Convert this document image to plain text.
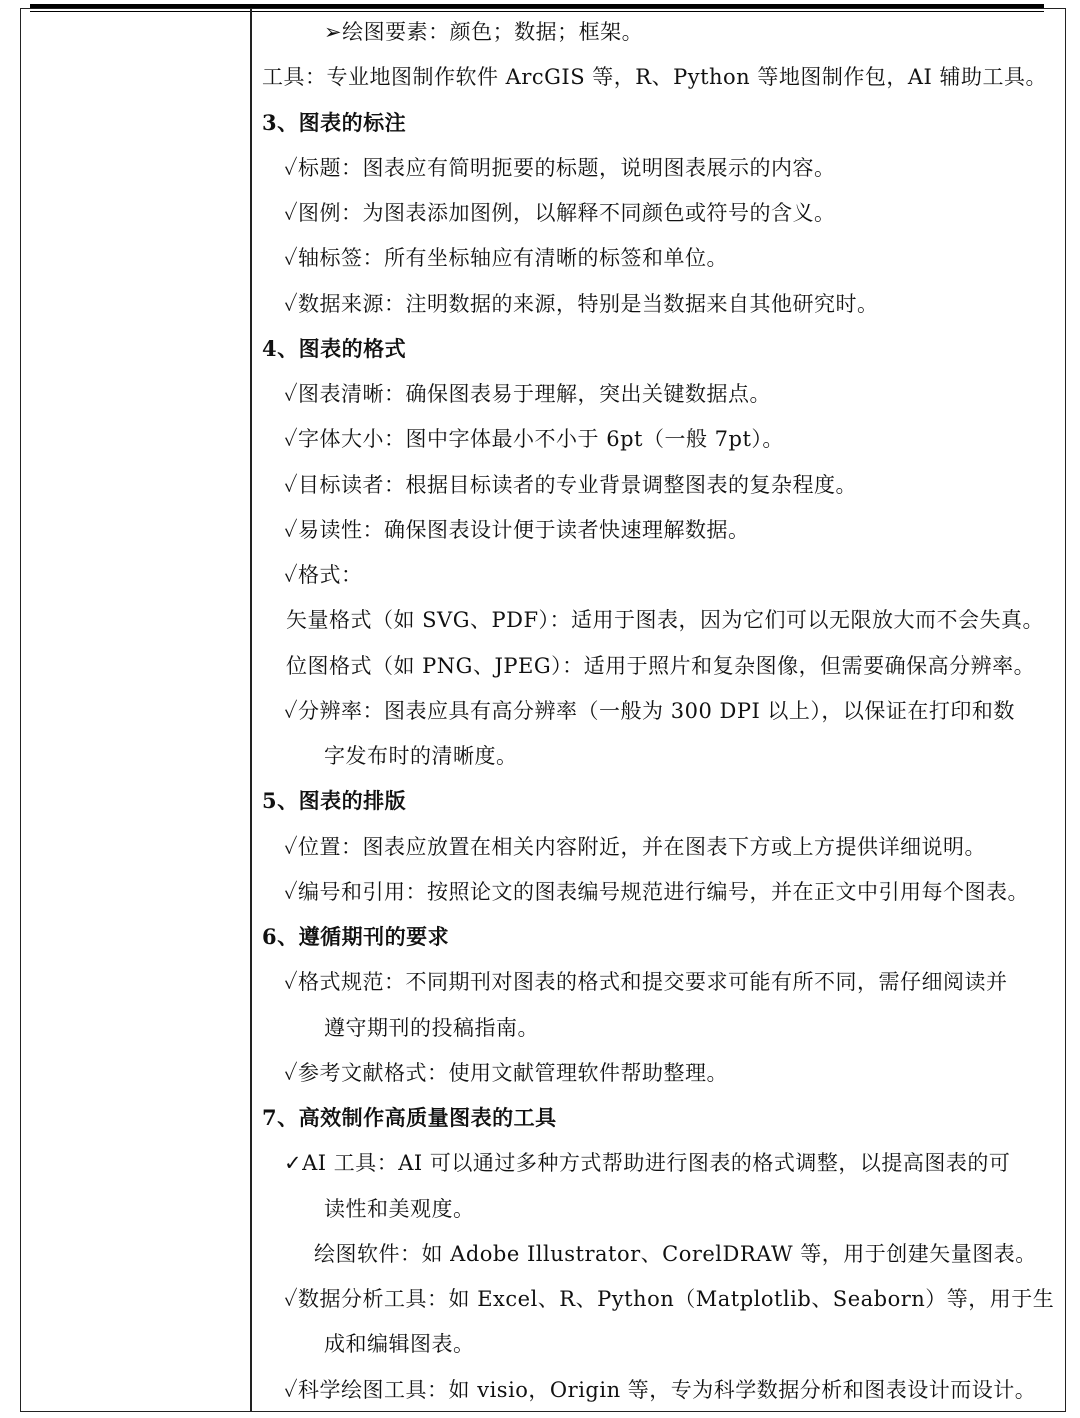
➢绘图要素：颜色；数据；框架。
工具：专业地图制作软件 ArcGIS 等，R、Python 等地图制作包，AI 辅助工具。
3、图表的标注
✓标题：图表应有简明扼要的标题，说明图表展示的内容。
✓图例：为图表添加图例，以解释不同颜色或符号的含义。
✓轴标签：所有坐标轴应有清晰的标签和单位。
✓数据来源：注明数据的来源，特别是当数据来自其他研究时。
4、图表的格式
✓图表清晰：确保图表易于理解，突出关键数据点。
✓字体大小：图中字体最小不小于 6pt（一般 7pt）。
✓目标读者：根据目标读者的专业背景调整图表的复杂程度。
✓易读性：确保图表设计便于读者快速理解数据。
✓格式：
矢量格式（如 SVG、PDF）：适用于图表，因为它们可以无限放大而不会失真。
位图格式（如 PNG、JPEG）：适用于照片和复杂图像，但需要确保高分辨率。
✓分辨率：图表应具有高分辨率（一般为 300 DPI 以上），以保证在打印和数
字发布时的清晰度。
5、图表的排版
✓位置：图表应放置在相关内容附近，并在图表下方或上方提供详细说明。
✓编号和引用：按照论文的图表编号规范进行编号，并在正文中引用每个图表。
6、遵循期刊的要求
✓格式规范：不同期刊对图表的格式和提交要求可能有所不同，需仔细阅读并
遵守期刊的投稿指南。
✓参考文献格式：使用文献管理软件帮助整理。
7、高效制作高质量图表的工具
✓AI 工具：AI 可以通过多种方式帮助进行图表的格式调整，以提高图表的可
读性和美观度。
绘图软件：如 Adobe Illustrator、CorelDRAW 等，用于创建矢量图表。
✓数据分析工具：如 Excel、R、Python（Matplotlib、Seaborn）等，用于生
成和编辑图表。
✓科学绘图工具：如 visio，Origin 等，专为科学数据分析和图表设计而设计。
